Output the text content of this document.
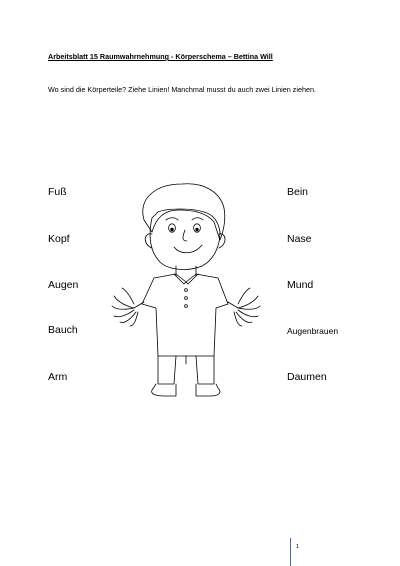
Arbeitsblatt 15 Raumwahrnehmung - Körperschema – Bettina Will
Wo sind die Körperteile? Ziehe Linien! Manchmal musst du auch zwei Linien ziehen.
Fuß
Kopf
Augen
Bauch
Arm
Bein
Nase
Mund
Augenbrauen
Daumen
1
